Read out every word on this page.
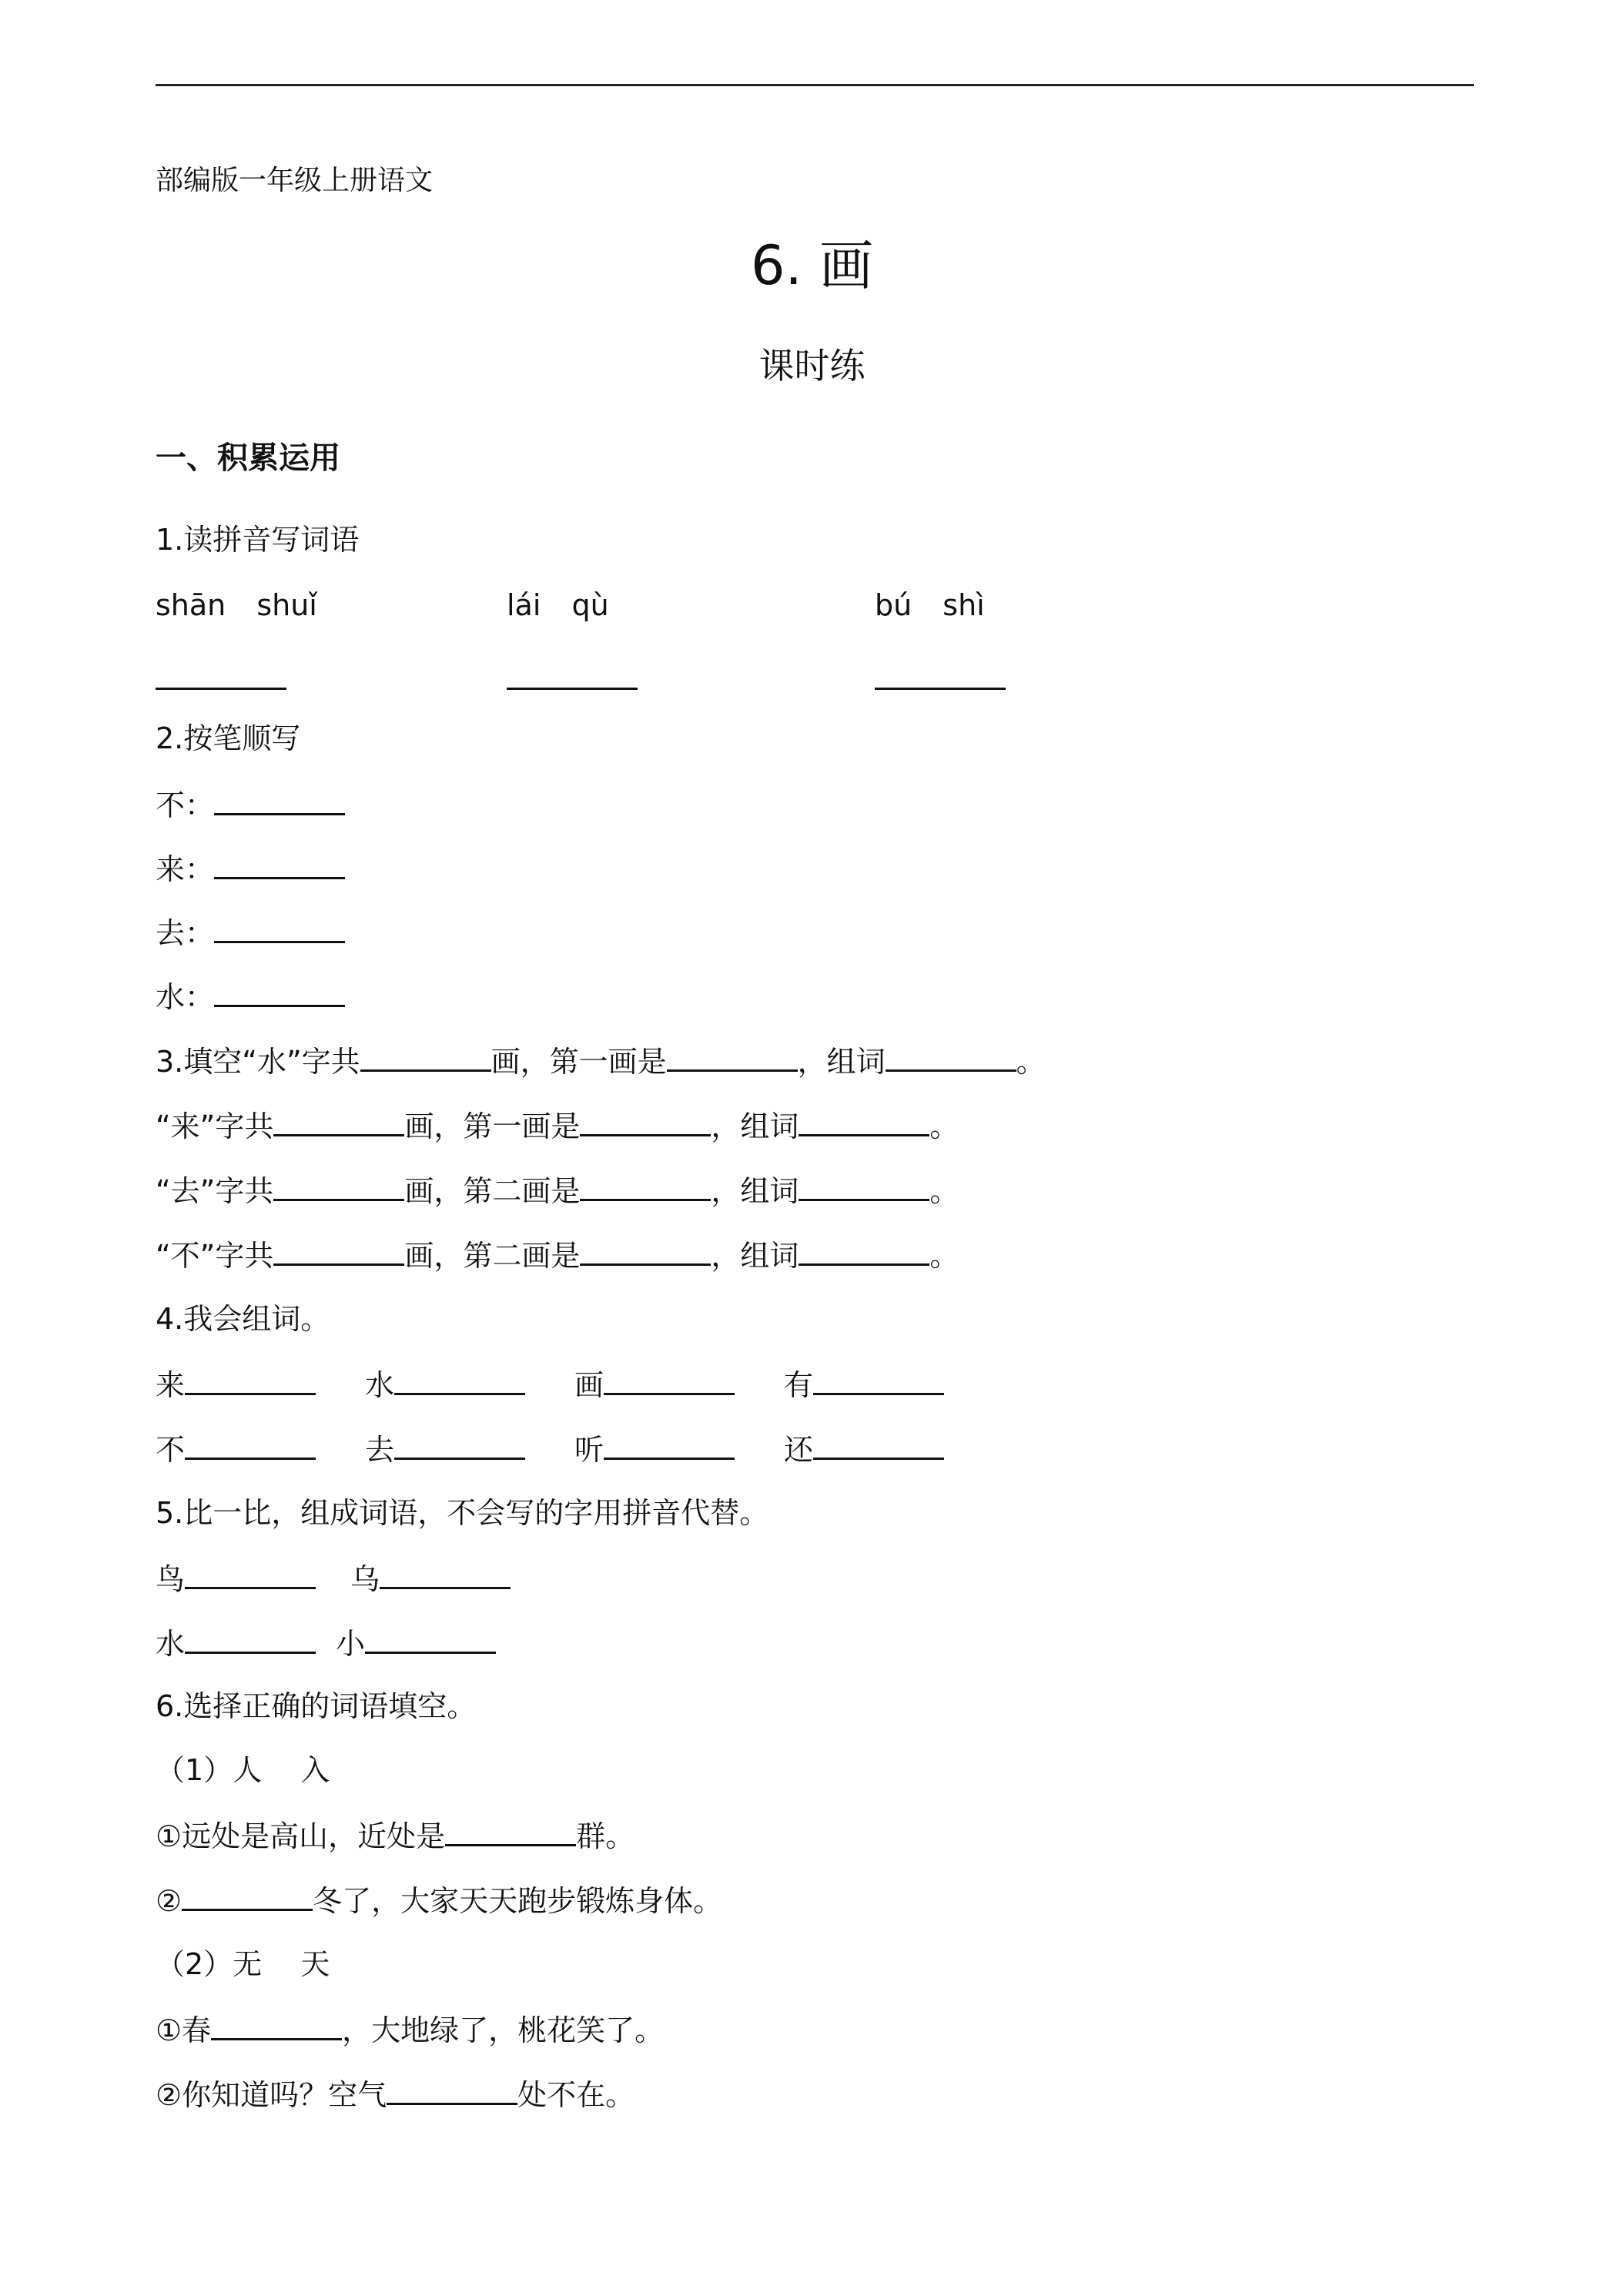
部编版一年级上册语文
6. 画
课时练
一、积累运用
1.读拼音写词语
shān shuǐ	lái qù	bú shì
2.按笔顺写
不：
来：
去：
水：
3.填空“水”字共	画，第一画是	，组词	。
“来”字共	画，第一画是	，组词	。
“去”字共	画，第二画是	，组词	。
“不”字共	画，第二画是	，组词	。
4.我会组词。
来	水	画	有
不	去	听	还
5.比一比，组成词语，不会写的字用拼音代替。
鸟	乌
水	小
6.选择正确的词语填空。
（1）人　 入
①远处是高山，近处是	群。
②	冬了，大家天天跑步锻炼身体。
（2）无　 天
①春	，大地绿了，桃花笑了。
②你知道吗？空气	处不在。
